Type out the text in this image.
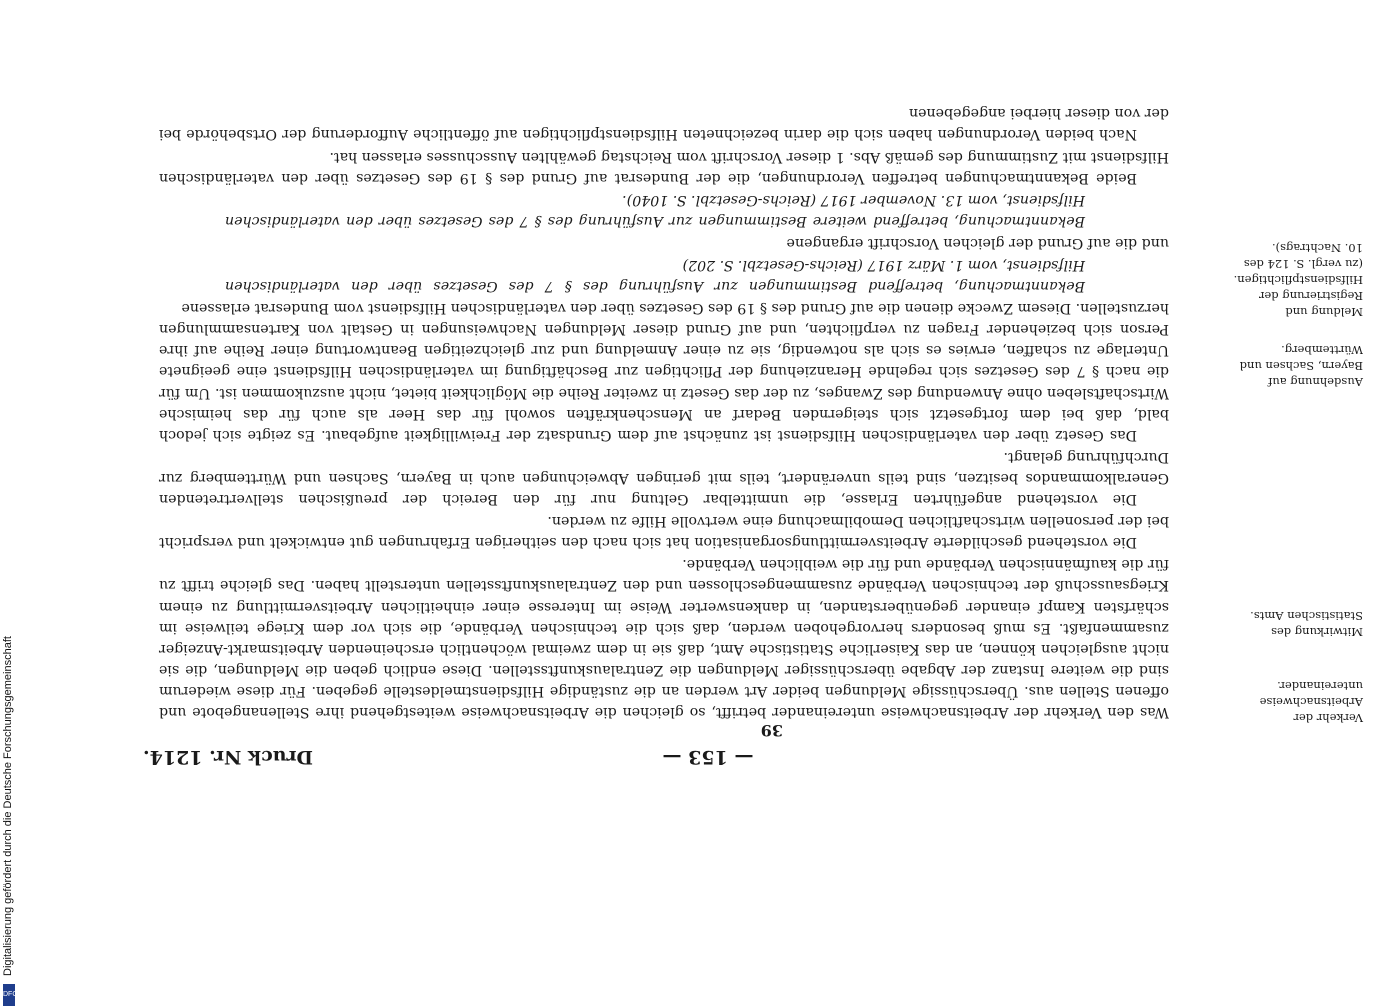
Druck Nr. 1214.	— 153 —

Was den Verkehr der Arbeitsnachweise untereinander betrifft, so gleichen die Arbeitsnachweise weitestgehend ihre Stellenangebote und offenen Stellen aus. Überschüssige Meldungen beider Art werden an die zuständige Hilfsdienstmeldestelle gegeben. Für diese wiederum sind die weitere Instanz der Abgabe überschüssiger Meldungen die Zentralauskunftsstellen. Diese endlich geben die Meldungen, die sie nicht ausgleichen können, an das Kaiserliche Statistische Amt, daß sie in dem zweimal wöchentlich erscheinenden Arbeitsmarkt-Anzeiger zusammenfaßt. Es muß besonders hervorgehoben werden, daß sich die technischen Verbände, die sich vor dem Kriege teilweise im schärfsten Kampf einander gegenüberstanden, in dankenswerter Weise im Interesse einer einheitlichen Arbeitsvermittlung zu einem Kriegsausschuß der technischen Verbände zusammengeschlossen und den Zentralauskunftsstellen unterstellt haben. Das gleiche trifft zu für die kaufmännischen Verbände und für die weiblichen Verbände.

Die vorstehend geschilderte Arbeitsvermittlungsorganisation hat sich nach den seitherigen Erfahrungen gut entwickelt und verspricht bei der personellen wirtschaftlichen Demobilmachung eine wertvolle Hilfe zu werden.

Die vorstehend angeführten Erlasse, die unmittelbar Geltung nur für den Bereich der preußischen stellvertretenden Generalkommandos besitzen, sind teils unverändert, teils mit geringen Abweichungen auch in Bayern, Sachsen und Württemberg zur Durchführung gelangt.

Das Gesetz über den vaterländischen Hilfsdienst ist zunächst auf dem Grundsatz der Freiwilligkeit aufgebaut. Es zeigte sich jedoch bald, daß bei dem fortgesetzt sich steigernden Bedarf an Menschenkräften sowohl für das Heer als auch für das heimische Wirtschaftsleben ohne Anwendung des Zwanges, zu der das Gesetz in zweiter Reihe die Möglichkeit bietet, nicht auszukommen ist. Um für die nach § 7 des Gesetzes sich regelnde Heranziehung der Pflichtigen zur Beschäftigung im vaterländischen Hilfsdienst eine geeignete Unterlage zu schaffen, erwies es sich als notwendig, sie zu einer Anmeldung und zur gleichzeitigen Beantwortung einer Reihe auf ihre Person sich beziehender Fragen zu verpflichten, und auf Grund dieser Meldungen Nachweisungen in Gestalt von Kartensammlungen herzustellen. Diesem Zwecke dienen die auf Grund des § 19 des Gesetzes über den vaterländischen Hilfsdienst vom Bundesrat erlassene

Bekanntmachung, betreffend Bestimmungen zur Ausführung des § 7 des Gesetzes über den vaterländischen Hilfsdienst, vom 1. März 1917 (Reichs-Gesetzbl. S. 202)

und die auf Grund der gleichen Vorschrift ergangene

Bekanntmachung, betreffend weitere Bestimmungen zur Ausführung des § 7 des Gesetzes über den vaterländischen Hilfsdienst, vom 13. November 1917 (Reichs-Gesetzbl. S. 1040).

Beide Bekanntmachungen betreffen Verordnungen, die der Bundesrat auf Grund des § 19 des Gesetzes über den vaterländischen Hilfsdienst mit Zustimmung des gemäß Abs. 1 dieser Vorschrift vom Reichstag gewählten Ausschusses erlassen hat.

Nach beiden Verordnungen haben sich die darin bezeichneten Hilfsdienstpflichtigen auf öffentliche Aufforderung der Ortsbehörde bei der von dieser hierbei angegebenen

Verkehr der Arbeitsnachweise untereinander.
Mitwirkung des Statistischen Amts.
Ausdehnung auf Bayern, Sachsen und Württemberg.
Meldung und Registrierung der Hilfsdienstpflichtigen. (zu vergl. S. 124 des 10. Nachtrags).
39
Digitalisierung gefördert durch die Deutsche Forschungsgemeinschaft
DFG
